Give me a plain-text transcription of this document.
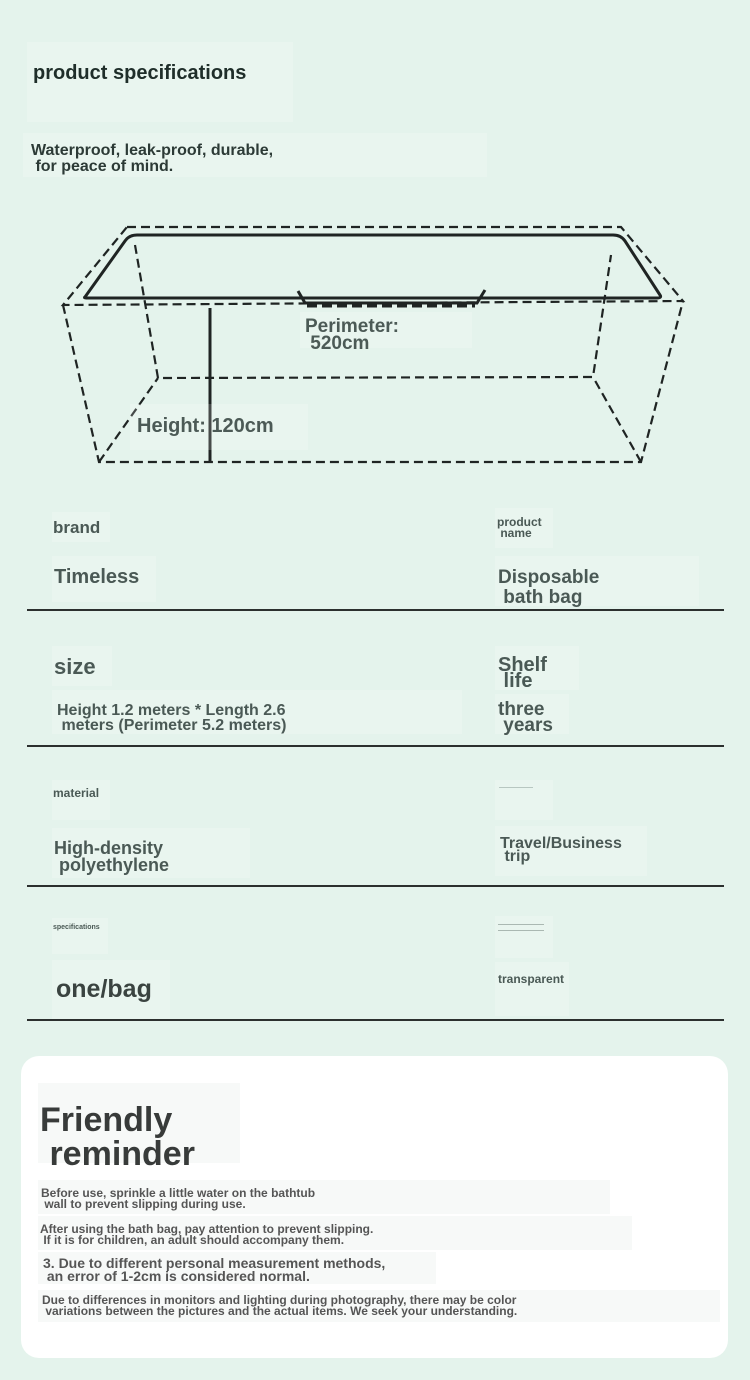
product specifications
Waterproof, leak-proof, durable,
for peace of mind.
Perimeter:
520cm
Height: 120cm
brand
Timeless
product
name
Disposable
bath bag
size
Height 1.2 meters * Length 2.6
meters (Perimeter 5.2 meters)
Shelf
life
three
years
material
High-density
polyethylene
Travel/Business
trip
specifications
one/bag	transparent
Friendly
reminder
Before use, sprinkle a little water on the bathtub
wall to prevent slipping during use.
After using the bath bag, pay attention to prevent slipping.
If it is for children, an adult should accompany them.
3. Due to different personal measurement methods,
an error of 1-2cm is considered normal.
Due to differences in monitors and lighting during photography, there may be color
variations between the pictures and the actual items. We seek your understanding.
